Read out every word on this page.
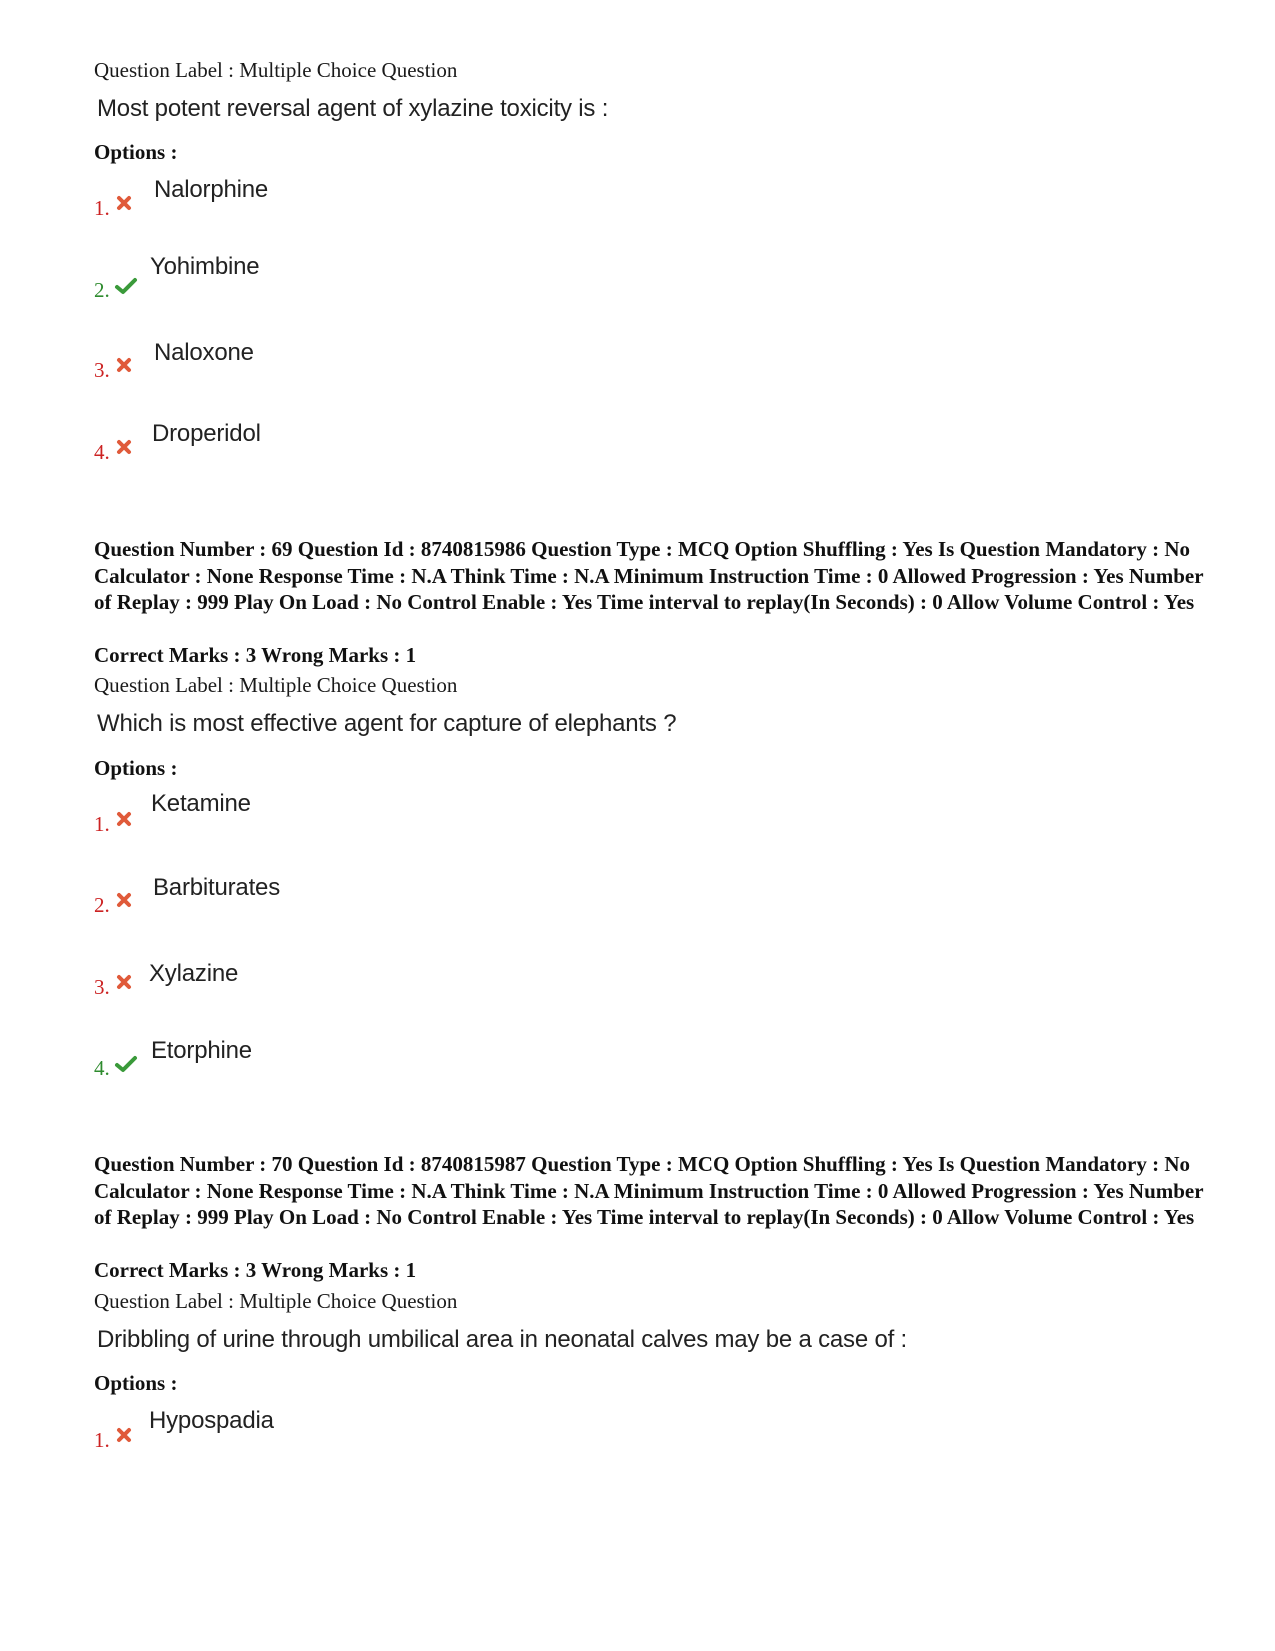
Question Label : Multiple Choice Question
Most potent reversal agent of xylazine toxicity is :
Options :
1.
Nalorphine
2.
Yohimbine
3.
Naloxone
4.
Droperidol
Question Number : 69 Question Id : 8740815986 Question Type : MCQ Option Shuffling : Yes Is Question Mandatory : No Calculator : None Response Time : N.A Think Time : N.A Minimum Instruction Time : 0 Allowed Progression : Yes Number of Replay : 999 Play On Load : No Control Enable : Yes Time interval to replay(In Seconds) : 0 Allow Volume Control : Yes
Correct Marks : 3 Wrong Marks : 1
Question Label : Multiple Choice Question
Which is most effective agent for capture of elephants ?
Options :
1.
Ketamine
2.
Barbiturates
3. Xylazine
4.
Etorphine
Question Number : 70 Question Id : 8740815987 Question Type : MCQ Option Shuffling : Yes Is Question Mandatory : No Calculator : None Response Time : N.A Think Time : N.A Minimum Instruction Time : 0 Allowed Progression : Yes Number of Replay : 999 Play On Load : No Control Enable : Yes Time interval to replay(In Seconds) : 0 Allow Volume Control : Yes
Correct Marks : 3 Wrong Marks : 1
Question Label : Multiple Choice Question
Dribbling of urine through umbilical area in neonatal calves may be a case of :
Options :
1.
Hypospadia
